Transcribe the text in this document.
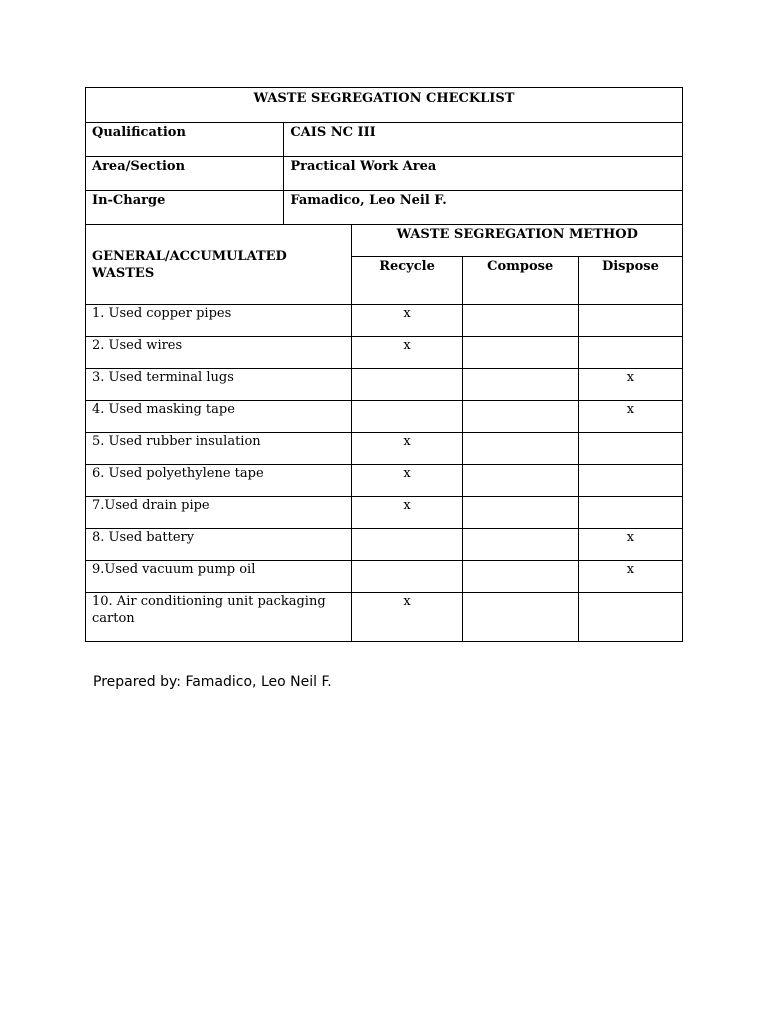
WASTE SEGREGATION CHECKLIST				
Qualification	CAIS NC III			
Area/Section	Practical Work Area			
In-Charge	Famadico, Leo Neil F.			
GENERAL/ACCUMULATED WASTES		WASTE SEGREGATION METHOD		
		Recycle	Compose	Dispose
1. Used copper pipes		x		
2. Used wires		x		
3. Used terminal lugs				x
4. Used masking tape				x
5. Used rubber insulation		x		
6. Used polyethylene tape		x		
7.Used drain pipe		x		
8. Used battery				x
9.Used vacuum pump oil				x
10. Air conditioning unit packaging carton		x		
Prepared by: Famadico, Leo Neil F.
